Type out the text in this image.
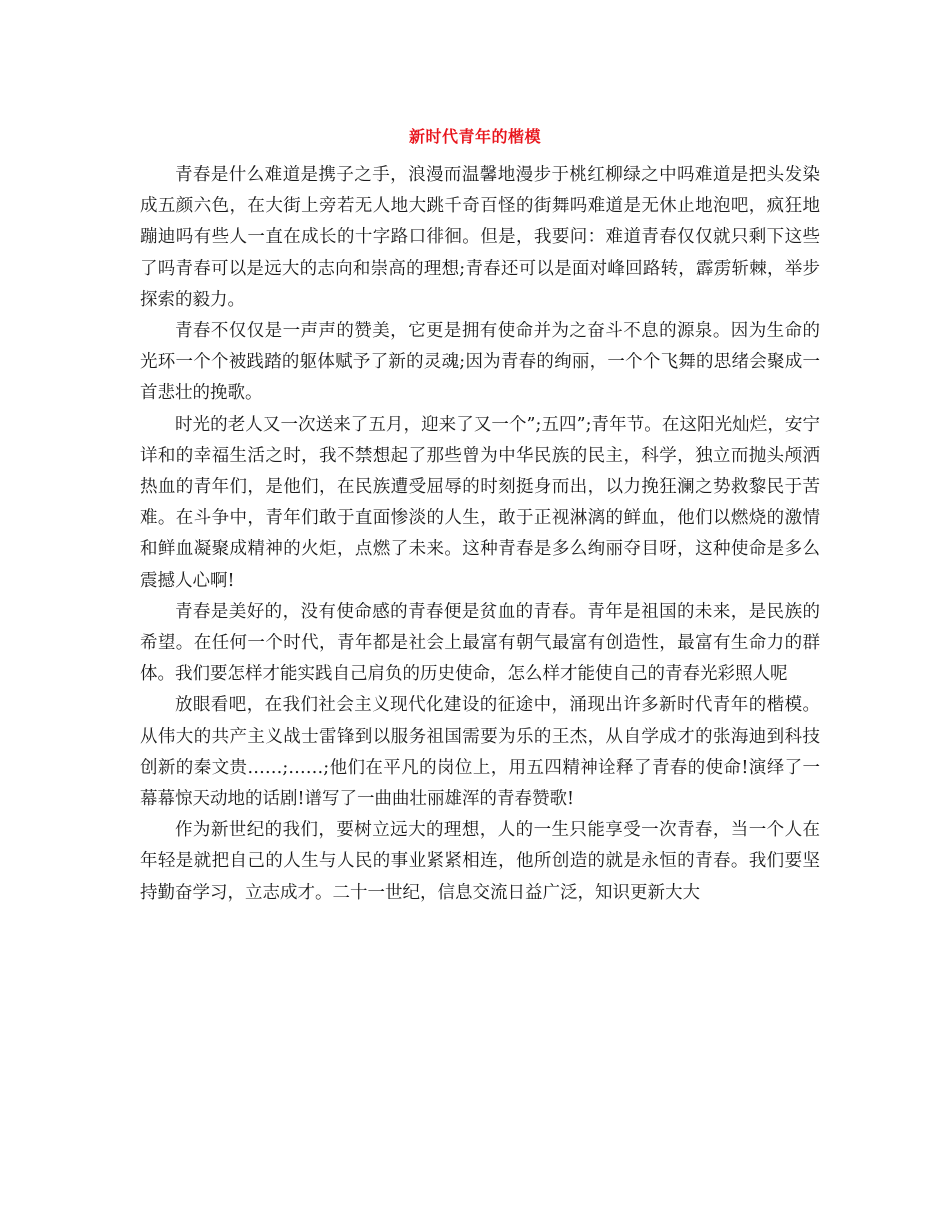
新时代青年的楷模

青春是什么难道是携子之手，浪漫而温馨地漫步于桃红柳绿之中吗难道是把头发染成五颜六色，在大街上旁若无人地大跳千奇百怪的街舞吗难道是无休止地泡吧，疯狂地蹦迪吗有些人一直在成长的十字路口徘徊。但是，我要问：难道青春仅仅就只剩下这些了吗青春可以是远大的志向和崇高的理想;青春还可以是面对峰回路转，霹雳斩棘，举步探索的毅力。

青春不仅仅是一声声的赞美，它更是拥有使命并为之奋斗不息的源泉。因为生命的光环一个个被践踏的躯体赋予了新的灵魂;因为青春的绚丽，一个个飞舞的思绪会聚成一首悲壮的挽歌。

时光的老人又一次送来了五月，迎来了又一个”;五四”;青年节。在这阳光灿烂，安宁详和的幸福生活之时，我不禁想起了那些曾为中华民族的民主，科学，独立而抛头颅洒热血的青年们，是他们，在民族遭受屈辱的时刻挺身而出，以力挽狂澜之势救黎民于苦难。在斗争中，青年们敢于直面惨淡的人生，敢于正视淋漓的鲜血，他们以燃烧的激情和鲜血凝聚成精神的火炬，点燃了未来。这种青春是多么绚丽夺目呀，这种使命是多么震撼人心啊!

青春是美好的，没有使命感的青春便是贫血的青春。青年是祖国的未来，是民族的希望。在任何一个时代，青年都是社会上最富有朝气最富有创造性，最富有生命力的群体。我们要怎样才能实践自己肩负的历史使命，怎么样才能使自己的青春光彩照人呢

放眼看吧，在我们社会主义现代化建设的征途中，涌现出许多新时代青年的楷模。从伟大的共产主义战士雷锋到以服务祖国需要为乐的王杰，从自学成才的张海迪到科技创新的秦文贵……;……;他们在平凡的岗位上，用五四精神诠释了青春的使命!演绎了一幕幕惊天动地的话剧!谱写了一曲曲壮丽雄浑的青春赞歌!

作为新世纪的我们，要树立远大的理想，人的一生只能享受一次青春，当一个人在年轻是就把自己的人生与人民的事业紧紧相连，他所创造的就是永恒的青春。我们要坚持勤奋学习，立志成才。二十一世纪，信息交流日益广泛，知识更新大大
